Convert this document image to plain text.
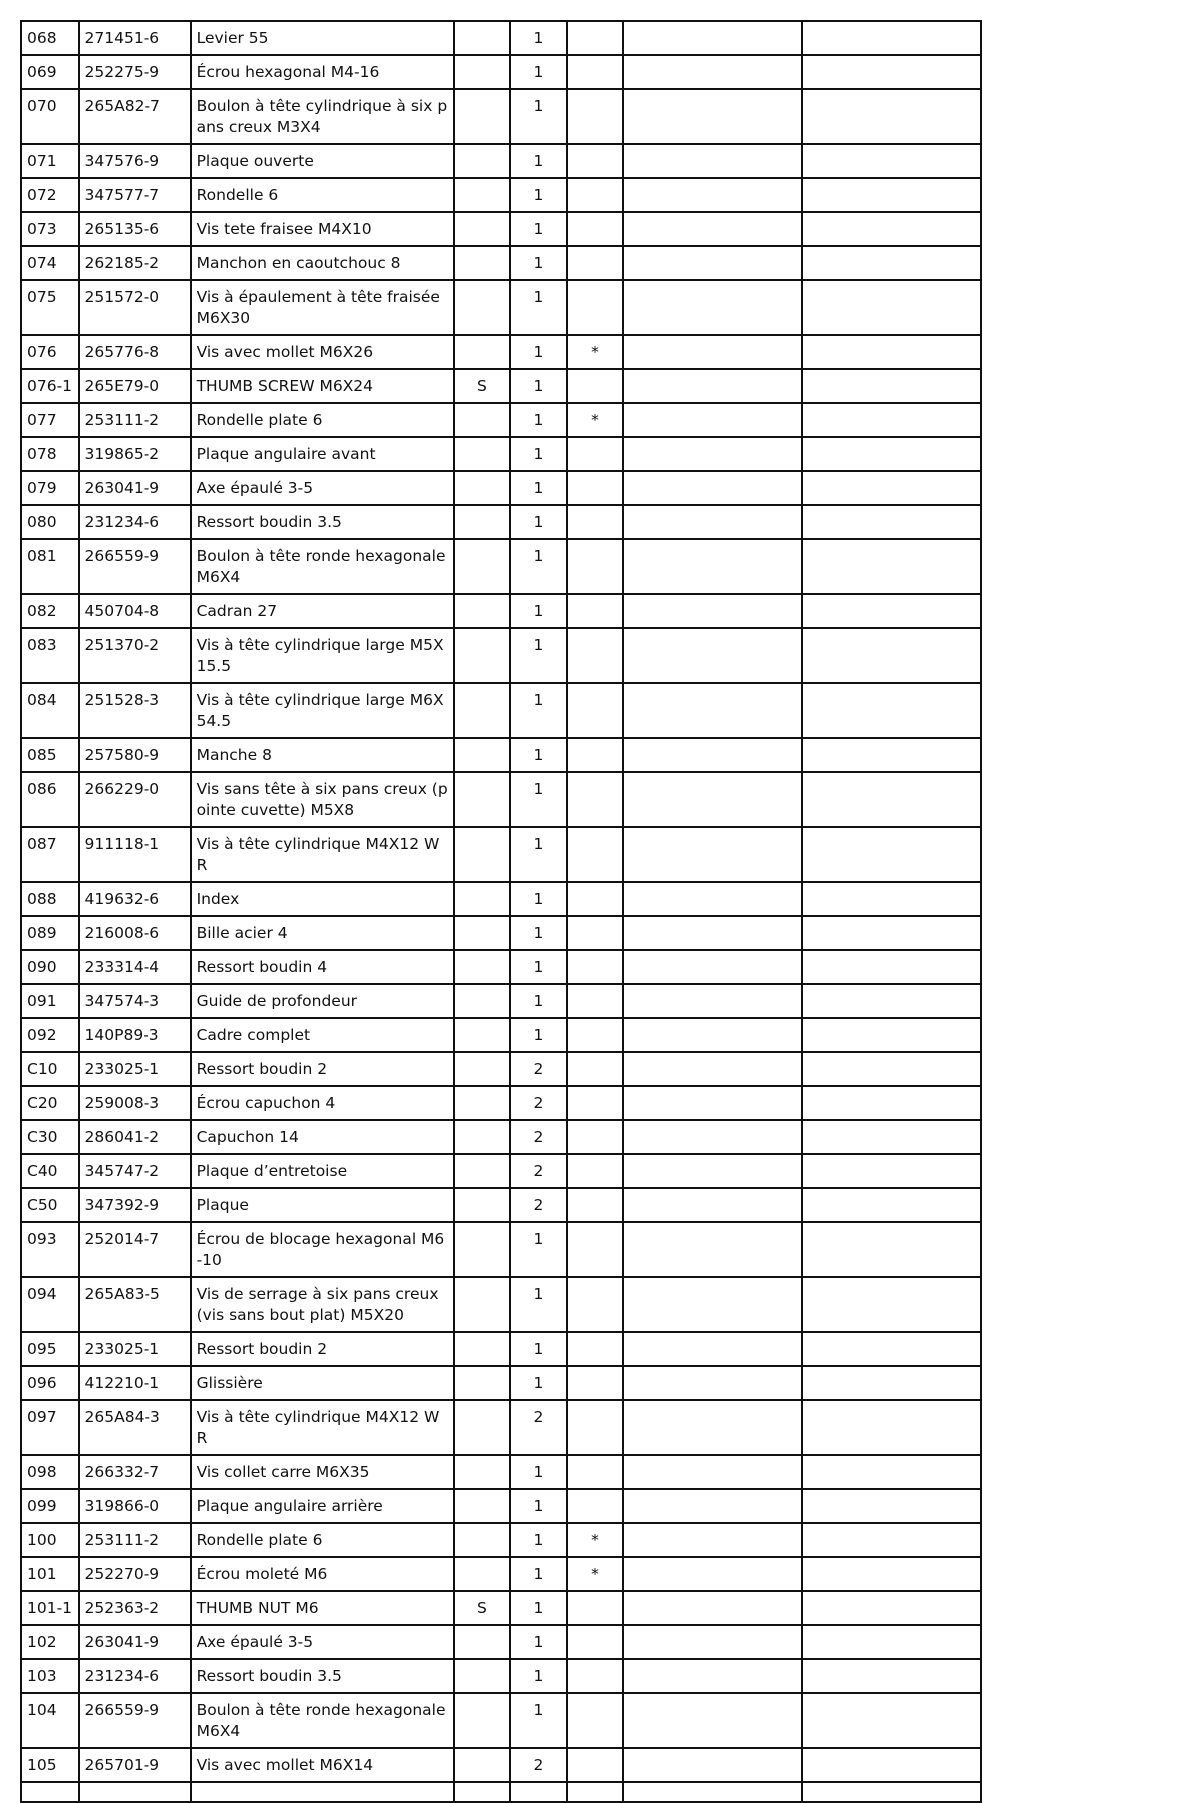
068	271451-6	Levier 55		1			
069	252275-9	Écrou hexagonal M4-16		1			
070	265A82-7	Boulon à tête cylindrique à six pans creux M3X4		1			
071	347576-9	Plaque ouverte		1			
072	347577-7	Rondelle 6		1			
073	265135-6	Vis tete fraisee M4X10		1			
074	262185-2	Manchon en caoutchouc 8		1			
075	251572-0	Vis à épaulement à tête fraisée M6X30		1			
076	265776-8	Vis avec mollet M6X26		1	*		
076-1	265E79-0	THUMB SCREW M6X24	S	1			
077	253111-2	Rondelle plate 6		1	*		
078	319865-2	Plaque angulaire avant		1			
079	263041-9	Axe épaulé 3-5		1			
080	231234-6	Ressort boudin 3.5		1			
081	266559-9	Boulon à tête ronde hexagonale M6X4		1			
082	450704-8	Cadran 27		1			
083	251370-2	Vis à tête cylindrique large M5X15.5		1			
084	251528-3	Vis à tête cylindrique large M6X54.5		1			
085	257580-9	Manche 8		1			
086	266229-0	Vis sans tête à six pans creux (pointe cuvette) M5X8		1			
087	911118-1	Vis à tête cylindrique M4X12 WR		1			
088	419632-6	Index		1			
089	216008-6	Bille acier 4		1			
090	233314-4	Ressort boudin 4		1			
091	347574-3	Guide de profondeur		1			
092	140P89-3	Cadre complet		1			
C10	233025-1	Ressort boudin 2		2			
C20	259008-3	Écrou capuchon 4		2			
C30	286041-2	Capuchon 14		2			
C40	345747-2	Plaque d’entretoise		2			
C50	347392-9	Plaque		2			
093	252014-7	Écrou de blocage hexagonal M6-10		1			
094	265A83-5	Vis de serrage à six pans creux (vis sans bout plat) M5X20		1			
095	233025-1	Ressort boudin 2		1			
096	412210-1	Glissière		1			
097	265A84-3	Vis à tête cylindrique M4X12 WR		2			
098	266332-7	Vis collet carre M6X35		1			
099	319866-0	Plaque angulaire arrière		1			
100	253111-2	Rondelle plate 6		1	*		
101	252270-9	Écrou moleté M6		1	*		
101-1	252363-2	THUMB NUT M6	S	1			
102	263041-9	Axe épaulé 3-5		1			
103	231234-6	Ressort boudin 3.5		1			
104	266559-9	Boulon à tête ronde hexagonale M6X4		1			
105	265701-9	Vis avec mollet M6X14		2			
